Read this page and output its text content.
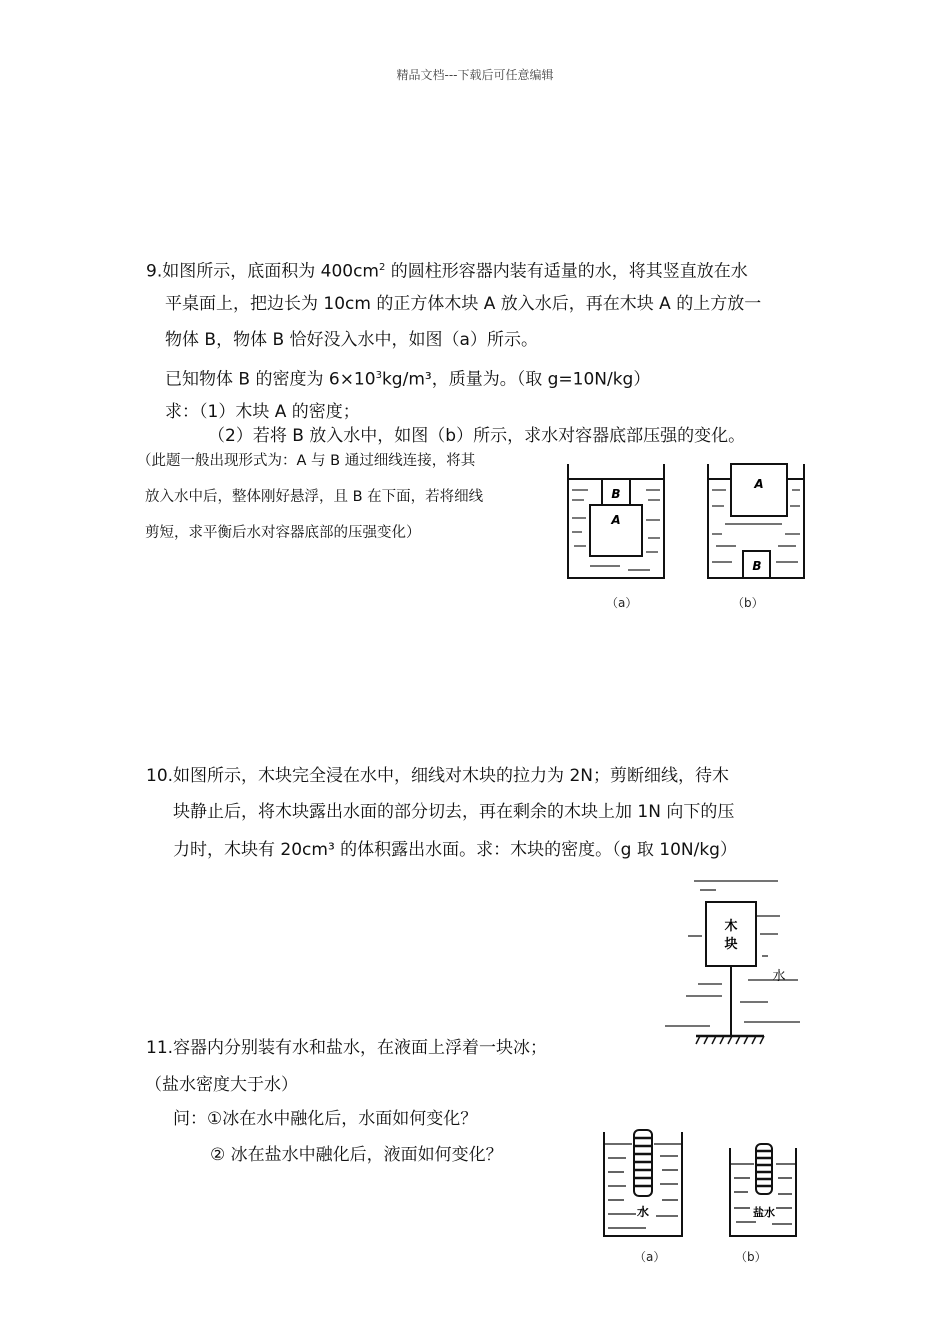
精品文档---下载后可任意编辑
9.如图所示，底面积为 $400cm^2$ 的圆柱形容器内装有适量的水，将其竖直放在水
平桌面上，把边长为 10cm 的正方体木块 A 放入水后，再在木块 A 的上方放一
物体 B，物体 B 恰好没入水中，如图（a）所示。
已知物体 B 的密度为 $6\times 10^3kg/m^3$，质量为。（取 g=10N/kg）
求：（1）木块 A 的密度；
（2）若将 B 放入水中，如图（b）所示，求水对容器底部压强的变化。
（此题一般出现形式为：A 与 B 通过细线连接，将其
放入水中后，整体刚好悬浮，且 B 在下面，若将细线
剪短，求平衡后水对容器底部的压强变化）
B
A
A
B
（a）	（b）
10.如图所示，木块完全浸在水中，细线对木块的拉力为 2N；剪断细线，待木
块静止后，将木块露出水面的部分切去，再在剩余的木块上加 1N 向下的压
力时，木块有 20cm³ 的体积露出水面。求：木块的密度。（g 取 10N/kg）
木
块
水
11.容器内分别装有水和盐水，在液面上浮着一块冰；
（盐水密度大于水）
问：①冰在水中融化后，水面如何变化？
② 冰在盐水中融化后，液面如何变化？
水	盐水
（a）	（b）
